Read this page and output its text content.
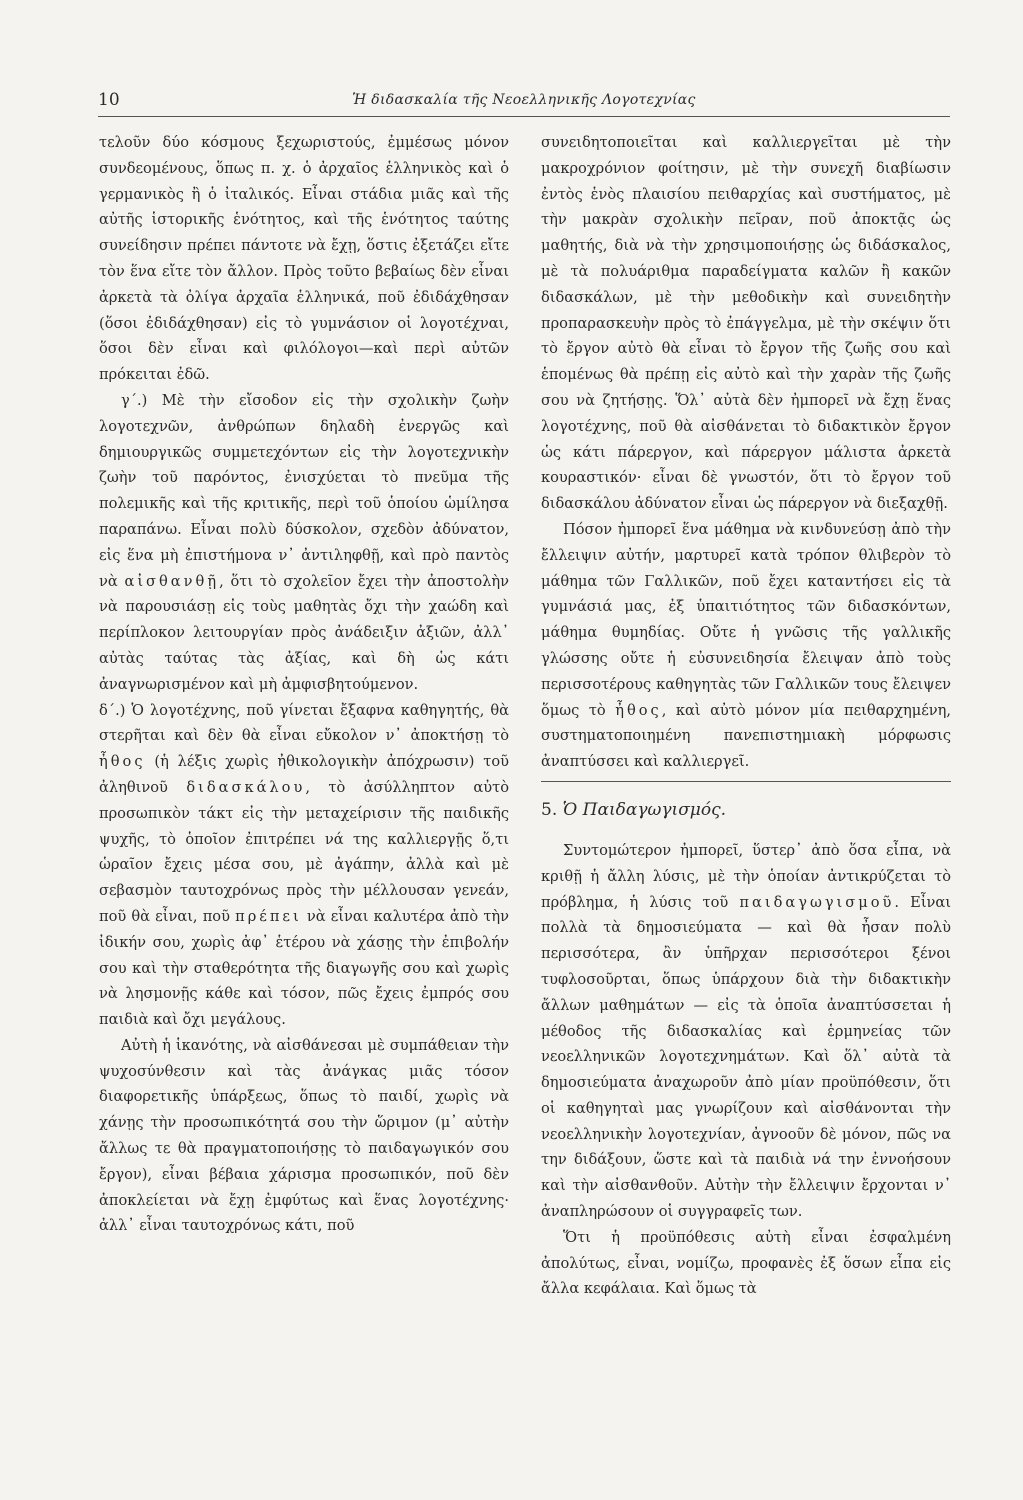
10	Ἡ διδασκαλία τῆς Νεοελληνικῆς Λογοτεχνίας

τελοῦν δύο κόσμους ξεχωριστούς, ἐμμέσως μόνον συνδεομένους, ὅπως π. χ. ὁ ἀρχαῖος ἑλληνικὸς καὶ ὁ γερμανικὸς ἢ ὁ ἰταλικός. Εἶναι στάδια μιᾶς καὶ τῆς αὐτῆς ἱστορικῆς ἑνότητος, καὶ τῆς ἑνότητος ταύτης συνείδησιν πρέπει πάντοτε νὰ ἔχῃ, ὅστις ἐξετάζει εἴτε τὸν ἕνα εἴτε τὸν ἄλλον. Πρὸς τοῦτο βεβαίως δὲν εἶναι ἀρκετὰ τὰ ὀλίγα ἀρχαῖα ἑλληνικά, ποῦ ἐδιδάχθησαν (ὅσοι ἐδιδάχθησαν) εἰς τὸ γυμνάσιον οἱ λογοτέχναι, ὅσοι δὲν εἶναι καὶ φιλόλογοι—καὶ περὶ αὐτῶν πρόκειται ἐδῶ.

γ΄.) Μὲ τὴν εἴσοδον εἰς τὴν σχολικὴν ζωὴν λογοτεχνῶν, ἀνθρώπων δηλαδὴ ἐνεργῶς καὶ δημιουργικῶς συμμετεχόντων εἰς τὴν λογοτεχνικὴν ζωὴν τοῦ παρόντος, ἐνισχύεται τὸ πνεῦμα τῆς πολεμικῆς καὶ τῆς κριτικῆς, περὶ τοῦ ὁποίου ὡμίλησα παραπάνω. Εἶναι πολὺ δύσκολον, σχεδὸν ἀδύνατον, εἰς ἕνα μὴ ἐπιστήμονα ν᾽ ἀντιληφθῇ, καὶ πρὸ παντὸς νὰ αἰσθανθῇ, ὅτι τὸ σχολεῖον ἔχει τὴν ἀποστολὴν νὰ παρουσιάσῃ εἰς τοὺς μαθητὰς ὄχι τὴν χαώδη καὶ περίπλοκον λειτουργίαν πρὸς ἀνάδειξιν ἀξιῶν, ἀλλ᾽ αὐτὰς ταύτας τὰς ἀξίας, καὶ δὴ ὡς κάτι ἀναγνωρισμένον καὶ μὴ ἀμφισβητούμενον.

δ΄.) Ὁ λογοτέχνης, ποῦ γίνεται ἔξαφνα καθηγητής, θὰ στερῆται καὶ δὲν θὰ εἶναι εὔκολον ν᾽ ἀποκτήσῃ τὸ ἦθος (ἡ λέξις χωρὶς ἠθικολογικὴν ἀπόχρωσιν) τοῦ ἀληθινοῦ διδασκάλου, τὸ ἀσύλληπτον αὐτὸ προσωπικὸν τάκτ εἰς τὴν μεταχείρισιν τῆς παιδικῆς ψυχῆς, τὸ ὁποῖον ἐπιτρέπει νά της καλλιεργῇς ὅ,τι ὡραῖον ἔχεις μέσα σου, μὲ ἀγάπην, ἀλλὰ καὶ μὲ σεβασμὸν ταυτοχρόνως πρὸς τὴν μέλλουσαν γενεάν, ποῦ θὰ εἶναι, ποῦ πρέπει νὰ εἶναι καλυτέρα ἀπὸ τὴν ἰδικήν σου, χωρὶς ἀφ᾽ ἑτέρου νὰ χάσῃς τὴν ἐπιβολήν σου καὶ τὴν σταθερότητα τῆς διαγωγῆς σου καὶ χωρὶς νὰ λησμονῇς κάθε καὶ τόσον, πῶς ἔχεις ἐμπρός σου παιδιὰ καὶ ὄχι μεγάλους.

Αὐτὴ ἡ ἱκανότης, νὰ αἰσθάνεσαι μὲ συμπάθειαν τὴν ψυχοσύνθεσιν καὶ τὰς ἀνάγκας μιᾶς τόσον διαφορετικῆς ὑπάρξεως, ὅπως τὸ παιδί, χωρὶς νὰ χάνῃς τὴν προσωπικότητά σου τὴν ὥριμον (μ᾽ αὐτὴν ἄλλως τε θὰ πραγματοποιήσῃς τὸ παιδαγωγικόν σου ἔργον), εἶναι βέβαια χάρισμα προσωπικόν, ποῦ δὲν ἀποκλείεται νὰ ἔχῃ ἐμφύτως καὶ ἕνας λογοτέχνης· ἀλλ᾽ εἶναι ταυτοχρόνως κάτι, ποῦ

συνειδητοποιεῖται καὶ καλλιεργεῖται μὲ τὴν μακροχρόνιον φοίτησιν, μὲ τὴν συνεχῆ διαβίωσιν ἐντὸς ἑνὸς πλαισίου πειθαρχίας καὶ συστήματος, μὲ τὴν μακρὰν σχολικὴν πεῖραν, ποῦ ἀποκτᾷς ὡς μαθητής, διὰ νὰ τὴν χρησιμοποιήσῃς ὡς διδάσκαλος, μὲ τὰ πολυάριθμα παραδείγματα καλῶν ἢ κακῶν διδασκάλων, μὲ τὴν μεθοδικὴν καὶ συνειδητὴν προπαρασκευὴν πρὸς τὸ ἐπάγγελμα, μὲ τὴν σκέψιν ὅτι τὸ ἔργον αὐτὸ θὰ εἶναι τὸ ἔργον τῆς ζωῆς σου καὶ ἑπομένως θὰ πρέπῃ εἰς αὐτὸ καὶ τὴν χαρὰν τῆς ζωῆς σου νὰ ζητήσῃς. Ὅλ᾽ αὐτὰ δὲν ἠμπορεῖ νὰ ἔχῃ ἕνας λογοτέχνης, ποῦ θὰ αἰσθάνεται τὸ διδακτικὸν ἔργον ὡς κάτι πάρεργον, καὶ πάρεργον μάλιστα ἀρκετὰ κουραστικόν· εἶναι δὲ γνωστόν, ὅτι τὸ ἔργον τοῦ διδασκάλου ἀδύνατον εἶναι ὡς πάρεργον νὰ διεξαχθῇ.

Πόσον ἠμπορεῖ ἕνα μάθημα νὰ κινδυνεύσῃ ἀπὸ τὴν ἔλλειψιν αὐτήν, μαρτυρεῖ κατὰ τρόπον θλιβερὸν τὸ μάθημα τῶν Γαλλικῶν, ποῦ ἔχει καταντήσει εἰς τὰ γυμνάσιά μας, ἐξ ὑπαιτιότητος τῶν διδασκόντων, μάθημα θυμηδίας. Οὔτε ἡ γνῶσις τῆς γαλλικῆς γλώσσης οὔτε ἡ εὐσυνειδησία ἔλειψαν ἀπὸ τοὺς περισσοτέρους καθηγητὰς τῶν Γαλλικῶν τους ἔλειψεν ὅμως τὸ ἦθος, καὶ αὐτὸ μόνον μία πειθαρχημένη, συστηματοποιημένη πανεπιστημιακὴ μόρφωσις ἀναπτύσσει καὶ καλλιεργεῖ.

5. Ὁ Παιδαγωγισμός.

Συντομώτερον ἠμπορεῖ, ὕστερ᾽ ἀπὸ ὅσα εἶπα, νὰ κριθῇ ἡ ἄλλη λύσις, μὲ τὴν ὁποίαν ἀντικρύζεται τὸ πρόβλημα, ἡ λύσις τοῦ παιδαγωγισμοῦ. Εἶναι πολλὰ τὰ δημοσιεύματα — καὶ θὰ ἦσαν πολὺ περισσότερα, ἂν ὑπῆρχαν περισσότεροι ξένοι τυφλοσοῦρται, ὅπως ὑπάρχουν διὰ τὴν διδακτικὴν ἄλλων μαθημάτων — εἰς τὰ ὁποῖα ἀναπτύσσεται ἡ μέθοδος τῆς διδασκαλίας καὶ ἑρμηνείας τῶν νεοελληνικῶν λογοτεχνημάτων. Καὶ ὅλ᾽ αὐτὰ τὰ δημοσιεύματα ἀναχωροῦν ἀπὸ μίαν προϋπόθεσιν, ὅτι οἱ καθηγηταὶ μας γνωρίζουν καὶ αἰσθάνονται τὴν νεοελληνικὴν λογοτεχνίαν, ἀγνοοῦν δὲ μόνον, πῶς να την διδάξουν, ὥστε καὶ τὰ παιδιὰ νά την ἐννοήσουν καὶ τὴν αἰσθανθοῦν. Αὐτὴν τὴν ἔλλειψιν ἔρχονται ν᾽ ἀναπληρώσουν οἱ συγγραφεῖς των.

Ὅτι ἡ προϋπόθεσις αὐτὴ εἶναι ἐσφαλμένη ἀπολύτως, εἶναι, νομίζω, προφανὲς ἐξ ὅσων εἶπα εἰς ἄλλα κεφάλαια. Καὶ ὅμως τὰ
